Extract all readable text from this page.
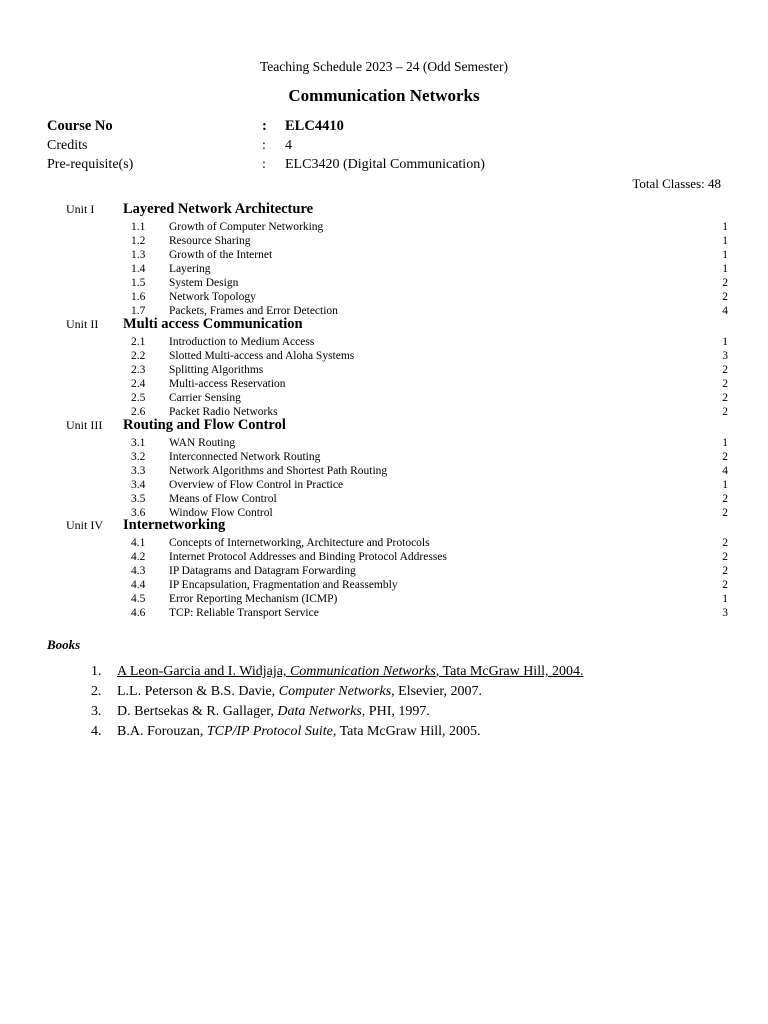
Teaching Schedule 2023 – 24 (Odd Semester)
Communication Networks
Course No	: ELC4410
Credits	: 4
Pre-requisite(s)	: ELC3420 (Digital Communication)
Total Classes: 48
Unit I Layered Network Architecture
1.1 Growth of Computer Networking	1
1.2 Resource Sharing	1
1.3 Growth of the Internet	1
1.4 Layering	1
1.5 System Design	2
1.6 Network Topology	2
1.7 Packets, Frames and Error Detection	4
Unit II Multi access Communication
2.1 Introduction to Medium Access	1
2.2 Slotted Multi-access and Aloha Systems	3
2.3 Splitting Algorithms	2
2.4 Multi-access Reservation	2
2.5 Carrier Sensing	2
2.6 Packet Radio Networks	2
Unit III Routing and Flow Control
3.1 WAN Routing	1
3.2 Interconnected Network Routing	2
3.3 Network Algorithms and Shortest Path Routing	4
3.4 Overview of Flow Control in Practice	1
3.5 Means of Flow Control	2
3.6 Window Flow Control	2
Unit IV Internetworking
4.1 Concepts of Internetworking, Architecture and Protocols	2
4.2 Internet Protocol Addresses and Binding Protocol Addresses	2
4.3 IP Datagrams and Datagram Forwarding	2
4.4 IP Encapsulation, Fragmentation and Reassembly	2
4.5 Error Reporting Mechanism (ICMP)	1
4.6 TCP: Reliable Transport Service	3
Books
1. A Leon-Garcia and I. Widjaja, Communication Networks, Tata McGraw Hill, 2004.
2. L.L. Peterson & B.S. Davie, Computer Networks, Elsevier, 2007.
3. D. Bertsekas & R. Gallager, Data Networks, PHI, 1997.
4. B.A. Forouzan, TCP/IP Protocol Suite, Tata McGraw Hill, 2005.
